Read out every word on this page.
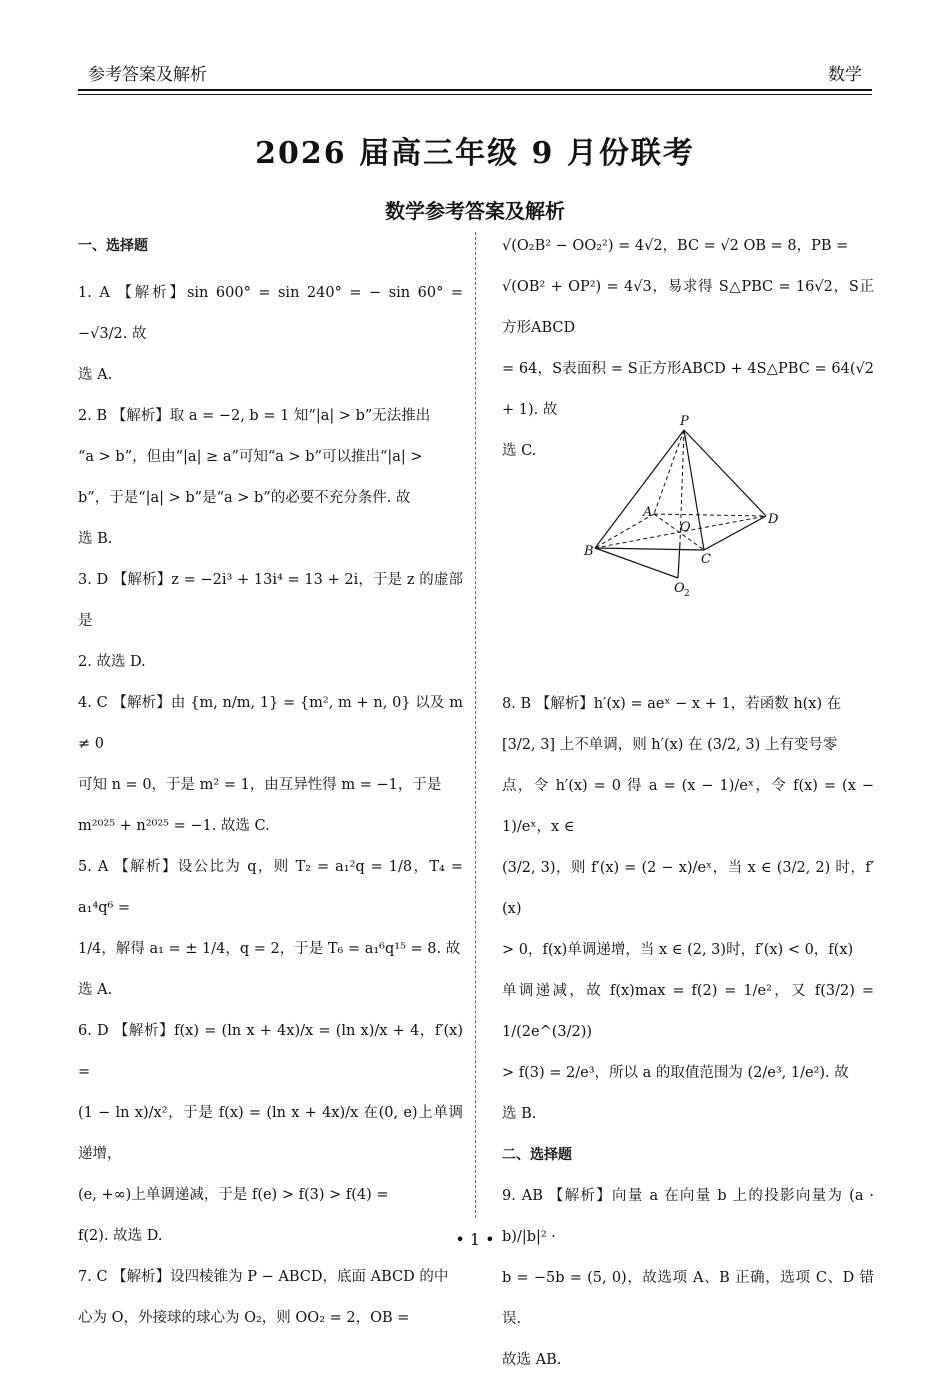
参考答案及解析	数学
2026 届高三年级 9 月份联考
数学参考答案及解析
一、选择题

1. A 【解析】sin 600° = sin 240° = − sin 60° = −√3/2. 故

选 A.

2. B 【解析】取 a = −2, b = 1 知“|a| > b”无法推出

“a > b”，但由“|a| ≥ a”可知“a > b”可以推出“|a| >

b”，于是“|a| > b”是“a > b”的必要不充分条件. 故

选 B.

3. D 【解析】z = −2i³ + 13i⁴ = 13 + 2i，于是 z 的虚部是

2. 故选 D.

4. C 【解析】由 {m, n/m, 1} = {m², m + n, 0} 以及 m ≠ 0

可知 n = 0，于是 m² = 1，由互异性得 m = −1，于是

m²⁰²⁵ + n²⁰²⁵ = −1. 故选 C.

5. A 【解析】设公比为 q，则 T₂ = a₁²q = 1/8，T₄ = a₁⁴q⁶ =

1/4，解得 a₁ = ± 1/4，q = 2，于是 T₆ = a₁⁶q¹⁵ = 8. 故

选 A.

6. D 【解析】f(x) = (ln x + 4x)/x = (ln x)/x + 4，f′(x) =

(1 − ln x)/x²，于是 f(x) = (ln x + 4x)/x 在(0, e)上单调递增，

(e, +∞)上单调递减，于是 f(e) > f(3) > f(4) =

f(2). 故选 D.

7. C 【解析】设四棱锥为 P − ABCD，底面 ABCD 的中

心为 O，外接球的球心为 O₂，则 OO₂ = 2，OB =

√(O₂B² − OO₂²) = 4√2，BC = √2 OB = 8，PB =

√(OB² + OP²) = 4√3，易求得 S△PBC = 16√2，S正方形ABCD

= 64，S表面积 = S正方形ABCD + 4S△PBC = 64(√2 + 1). 故

选 C.

8. B 【解析】h′(x) = aeˣ − x + 1，若函数 h(x) 在

[3/2, 3] 上不单调，则 h′(x) 在 (3/2, 3) 上有变号零

点，令 h′(x) = 0 得 a = (x − 1)/eˣ，令 f(x) = (x − 1)/eˣ，x ∈

(3/2, 3)，则 f′(x) = (2 − x)/eˣ，当 x ∈ (3/2, 2) 时，f′(x)

> 0，f(x)单调递增，当 x ∈ (2, 3)时，f′(x) < 0，f(x)

单调递减，故 f(x)max = f(2) = 1/e²，又 f(3/2) = 1/(2e^(3/2))

> f(3) = 2/e³，所以 a 的取值范围为 (2/e³, 1/e²). 故

选 B.

二、选择题

9. AB 【解析】向量 a 在向量 b 上的投影向量为 (a · b)/|b|² ·

b = −5b = (5, 0)，故选项 A、B 正确，选项 C、D 错误.

故选 AB.

P
A
B
C
D
O
O 2
• 1 •
